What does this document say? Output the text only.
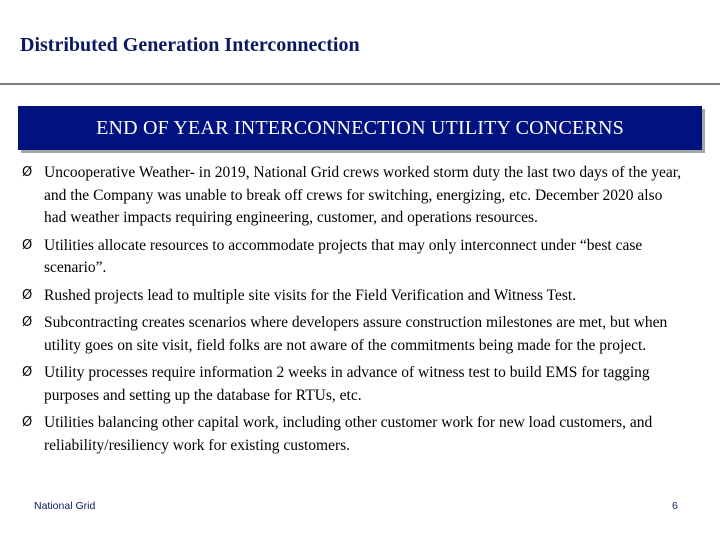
Distributed Generation Interconnection
END OF YEAR INTERCONNECTION UTILITY CONCERNS
Ø Uncooperative Weather- in 2019, National Grid crews worked storm duty the last two days of the year, and the Company was unable to break off crews for switching, energizing, etc. December 2020 also had weather impacts requiring engineering, customer, and operations resources.
Ø Utilities allocate resources to accommodate projects that may only interconnect under “best case scenario”.
Ø Rushed projects lead to multiple site visits for the Field Verification and Witness Test.
Ø Subcontracting creates scenarios where developers assure construction milestones are met, but when utility goes on site visit, field folks are not aware of the commitments being made for the project.
Ø Utility processes require information 2 weeks in advance of witness test to build EMS for tagging purposes and setting up the database for RTUs, etc.
Ø Utilities balancing other capital work, including other customer work for new load customers, and reliability/resiliency work for existing customers.
National Grid	6
